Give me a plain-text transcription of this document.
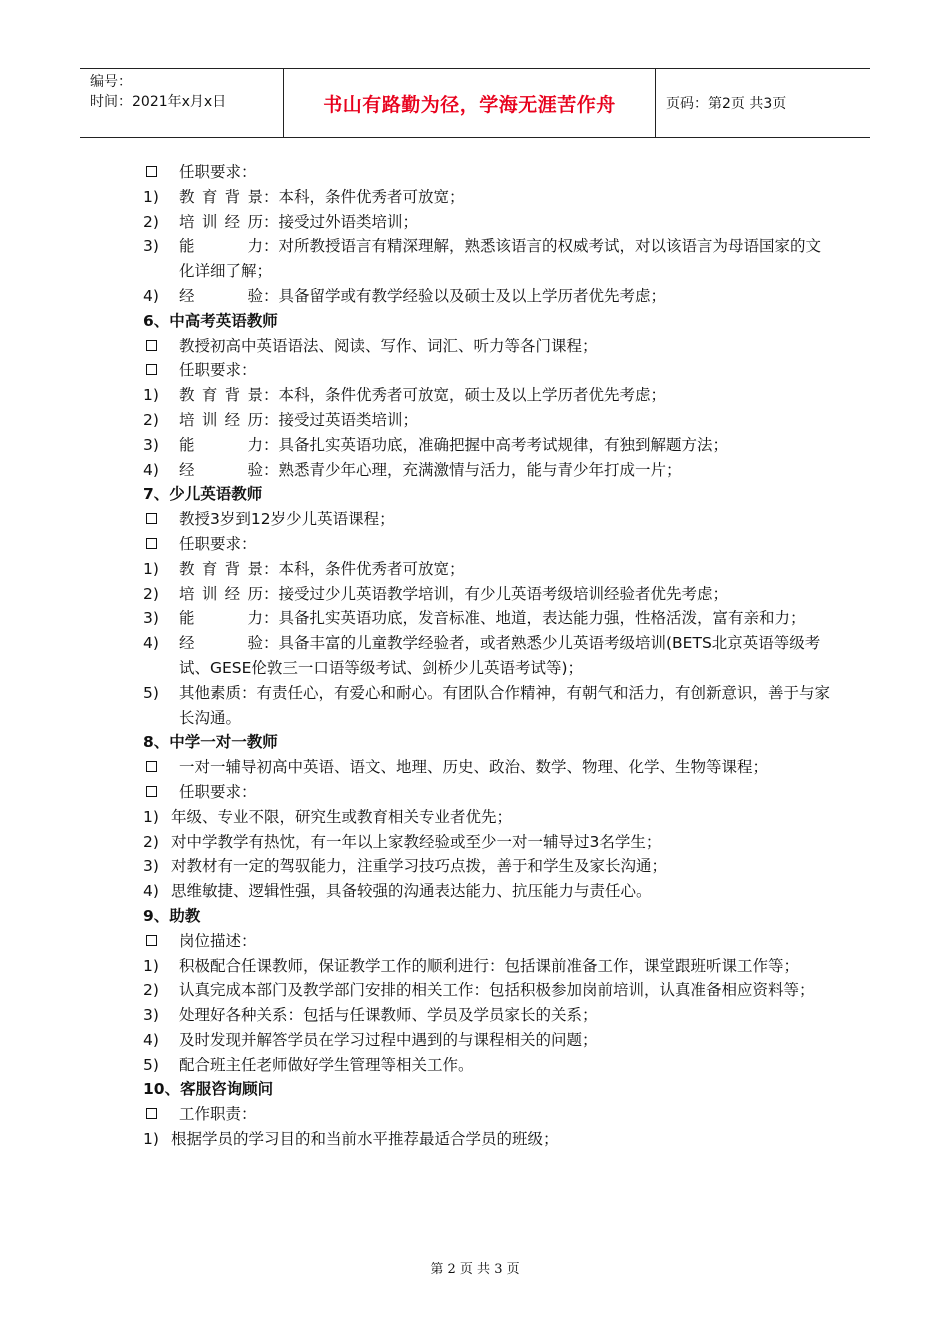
编号：
时间：2021年x月x日	书山有路勤为径，学海无涯苦作舟	页码：第2页 共3页
任职要求：
1)	教育背景：本科，条件优秀者可放宽；
2)	培训经历：接受过外语类培训；
3)	能力：对所教授语言有精深理解，熟悉该语言的权威考试，对以该语言为母语国家的文化详细了解；
4)	经验：具备留学或有教学经验以及硕士及以上学历者优先考虑；
6、中高考英语教师
教授初高中英语语法、阅读、写作、词汇、听力等各门课程；
任职要求：
1)	教育背景：本科，条件优秀者可放宽，硕士及以上学历者优先考虑；
2)	培训经历：接受过英语类培训；
3)	能力：具备扎实英语功底，准确把握中高考考试规律，有独到解题方法；
4)	经验：熟悉青少年心理，充满激情与活力，能与青少年打成一片；
7、少儿英语教师
教授3岁到12岁少儿英语课程；
任职要求：
1)	教育背景：本科，条件优秀者可放宽；
2)	培训经历：接受过少儿英语教学培训，有少儿英语考级培训经验者优先考虑；
3)	能力：具备扎实英语功底，发音标准、地道，表达能力强，性格活泼，富有亲和力；
4)	经验：具备丰富的儿童教学经验者，或者熟悉少儿英语考级培训(BETS北京英语等级考试、GESE伦敦三一口语等级考试、剑桥少儿英语考试等)；
5)	其他素质：有责任心，有爱心和耐心。有团队合作精神，有朝气和活力，有创新意识，善于与家长沟通。
8、中学一对一教师
一对一辅导初高中英语、语文、地理、历史、政治、数学、物理、化学、生物等课程；
任职要求：
1) 年级、专业不限，研究生或教育相关专业者优先；
2) 对中学教学有热忱，有一年以上家教经验或至少一对一辅导过3名学生；
3) 对教材有一定的驾驭能力，注重学习技巧点拨，善于和学生及家长沟通；
4) 思维敏捷、逻辑性强，具备较强的沟通表达能力、抗压能力与责任心。
9、助教
岗位描述：
1)	积极配合任课教师，保证教学工作的顺利进行：包括课前准备工作，课堂跟班听课工作等；
2)	认真完成本部门及教学部门安排的相关工作：包括积极参加岗前培训，认真准备相应资料等；
3)	处理好各种关系：包括与任课教师、学员及学员家长的关系；
4)	及时发现并解答学员在学习过程中遇到的与课程相关的问题；
5)	配合班主任老师做好学生管理等相关工作。
10、客服咨询顾问
工作职责：
1) 根据学员的学习目的和当前水平推荐最适合学员的班级；
第 2 页 共 3 页
